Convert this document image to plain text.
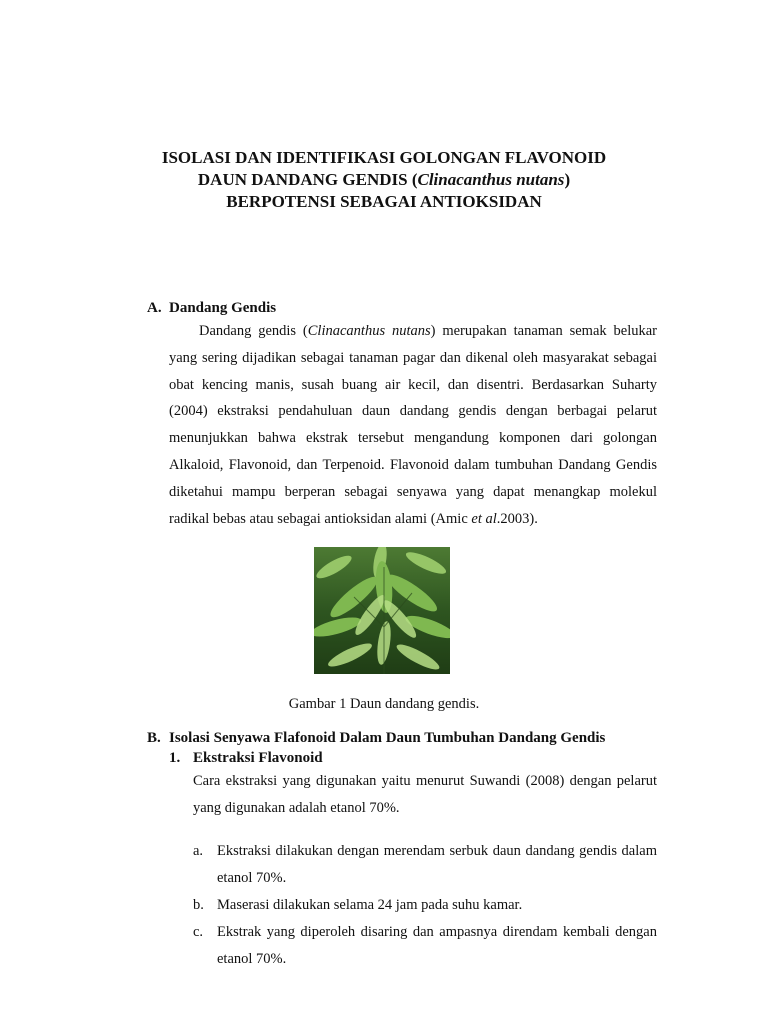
ISOLASI DAN IDENTIFIKASI GOLONGAN FLAVONOID
DAUN DANDANG GENDIS (Clinacanthus nutans)
BERPOTENSI SEBAGAI ANTIOKSIDAN
A. Dandang Gendis
Dandang gendis (Clinacanthus nutans) merupakan tanaman semak belukar yang sering dijadikan sebagai tanaman pagar dan dikenal oleh masyarakat sebagai obat kencing manis, susah buang air kecil, dan disentri. Berdasarkan Suharty (2004) ekstraksi pendahuluan daun dandang gendis dengan berbagai pelarut menunjukkan bahwa ekstrak tersebut mengandung komponen dari golongan Alkaloid, Flavonoid, dan Terpenoid. Flavonoid dalam tumbuhan Dandang Gendis diketahui mampu berperan sebagai senyawa yang dapat menangkap molekul radikal bebas atau sebagai antioksidan alami (Amic et al.2003).
Gambar 1 Daun dandang gendis.
B. Isolasi Senyawa Flafonoid Dalam Daun Tumbuhan Dandang Gendis
1. Ekstraksi Flavonoid
Cara ekstraksi yang digunakan yaitu menurut Suwandi (2008) dengan pelarut yang digunakan adalah etanol 70%.
a. Ekstraksi dilakukan dengan merendam serbuk daun dandang gendis dalam etanol 70%.
b. Maserasi dilakukan selama 24 jam pada suhu kamar.
c. Ekstrak yang diperoleh disaring dan ampasnya direndam kembali dengan etanol 70%.
